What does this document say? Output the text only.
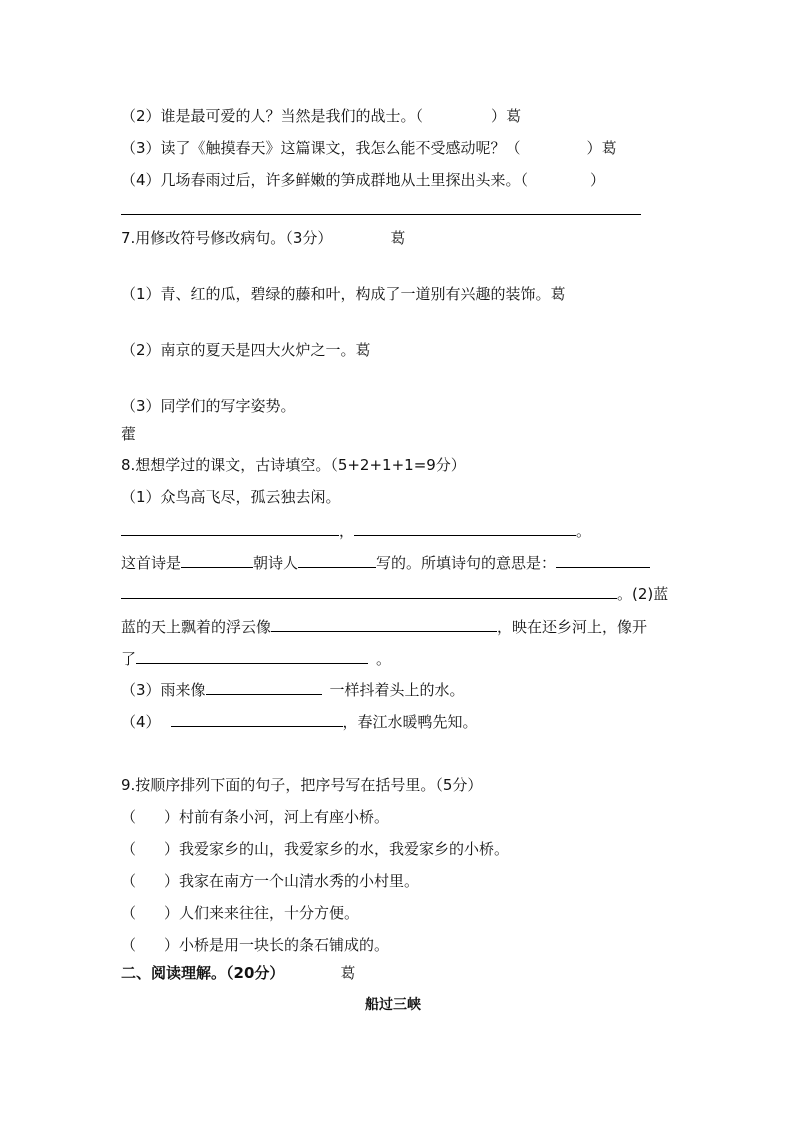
（2）谁是最可爱的人？当然是我们的战士。（	）葛
（3）读了《触摸春天》这篇课文，我怎么能不受感动呢？（	）葛
（4）几场春雨过后，许多鲜嫩的笋成群地从土里探出头来。（	）
7.用修改符号修改病句。（3分）	葛
（1）青、红的瓜，碧绿的藤和叶，构成了一道别有兴趣的装饰。葛
（2）南京的夏天是四大火炉之一。葛
（3）同学们的写字姿势。
藿
8.想想学过的课文，古诗填空。（5+2+1+1=9分）
（1）众鸟高飞尽，孤云独去闲。
，	。
这首诗是	朝诗人	写的。所填诗句的意思是：
。(2)蓝
蓝的天上飘着的浮云像	，映在还乡河上，像开
了	。
（3）雨来像	一样抖着头上的水。
（4）	，春江水暖鸭先知。
9.按顺序排列下面的句子，把序号写在括号里。（5分）
（ ）村前有条小河，河上有座小桥。
（ ）我爱家乡的山，我爱家乡的水，我爱家乡的小桥。
（ ）我家在南方一个山清水秀的小村里。
（ ）人们来来往往，十分方便。
（ ）小桥是用一块长的条石铺成的。
二、阅读理解。（20分）	葛
船过三峡
